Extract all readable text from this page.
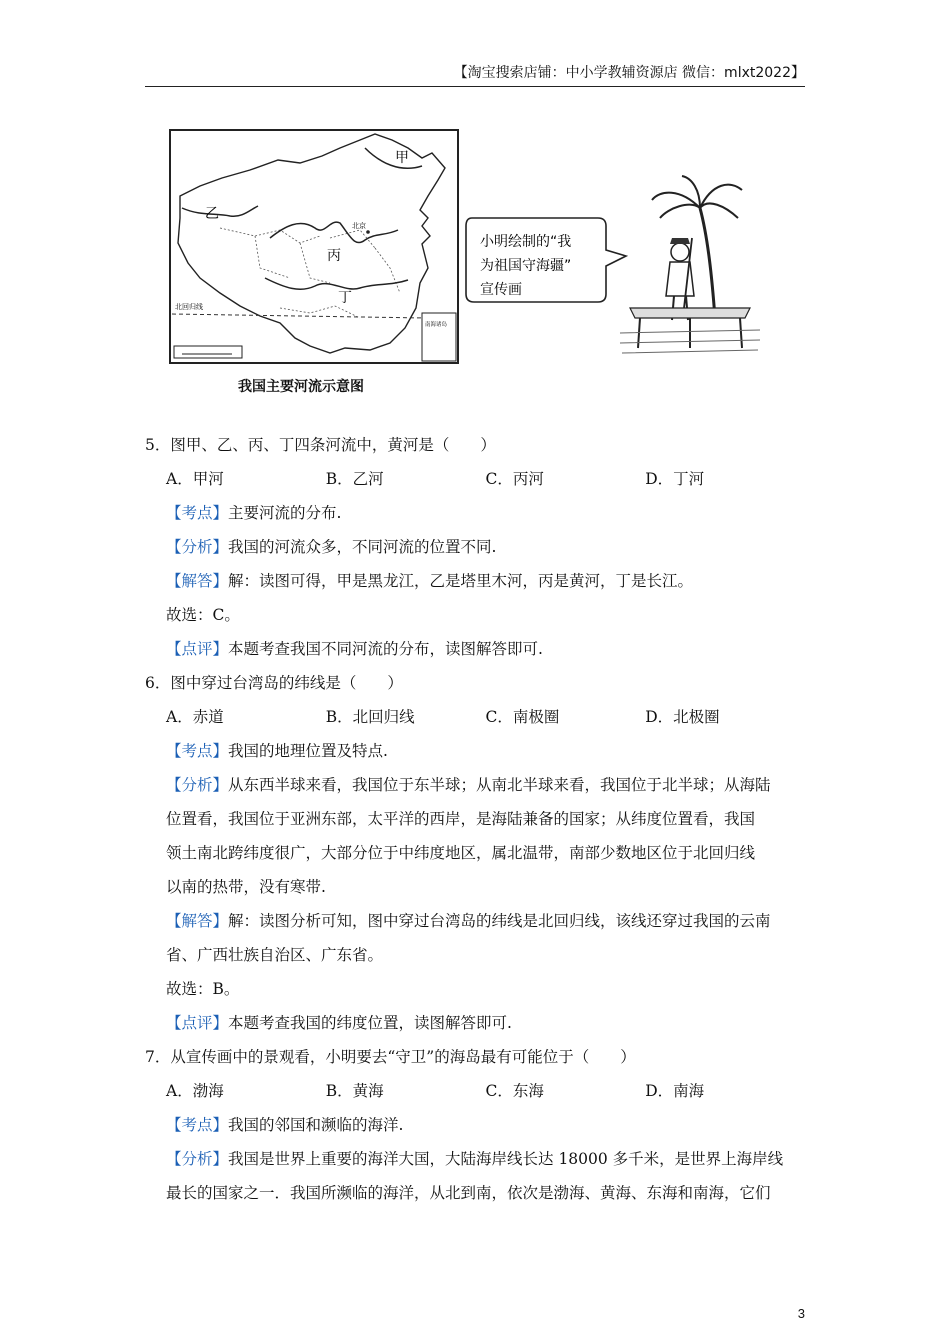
【淘宝搜索店铺：中小学教辅资源店 微信：mlxt2022】
甲
乙
丙
丁
北京
北回归线
南海诸岛
小明绘制的“我
为祖国守海疆”
宣传画
我国主要河流示意图
5．图甲、乙、丙、丁四条河流中，黄河是（　　）
A．甲河	B．乙河	C．丙河	D．丁河
【考点】主要河流的分布.
【分析】我国的河流众多，不同河流的位置不同.
【解答】解：读图可得，甲是黑龙江，乙是塔里木河，丙是黄河，丁是长江。
故选：C。
【点评】本题考查我国不同河流的分布，读图解答即可.
6．图中穿过台湾岛的纬线是（　　）
A．赤道	B．北回归线	C．南极圈	D．北极圈
【考点】我国的地理位置及特点.
【分析】从东西半球来看，我国位于东半球；从南北半球来看，我国位于北半球；从海陆
位置看，我国位于亚洲东部，太平洋的西岸，是海陆兼备的国家；从纬度位置看，我国
领土南北跨纬度很广，大部分位于中纬度地区，属北温带，南部少数地区位于北回归线
以南的热带，没有寒带.
【解答】解：读图分析可知，图中穿过台湾岛的纬线是北回归线，该线还穿过我国的云南
省、广西壮族自治区、广东省。
故选：B。
【点评】本题考查我国的纬度位置，读图解答即可.
7．从宣传画中的景观看，小明要去“守卫”的海岛最有可能位于（　　）
A．渤海	B．黄海	C．东海	D．南海
【考点】我国的邻国和濒临的海洋.
【分析】我国是世界上重要的海洋大国，大陆海岸线长达 18000 多千米，是世界上海岸线
最长的国家之一．我国所濒临的海洋，从北到南，依次是渤海、黄海、东海和南海，它们
3
